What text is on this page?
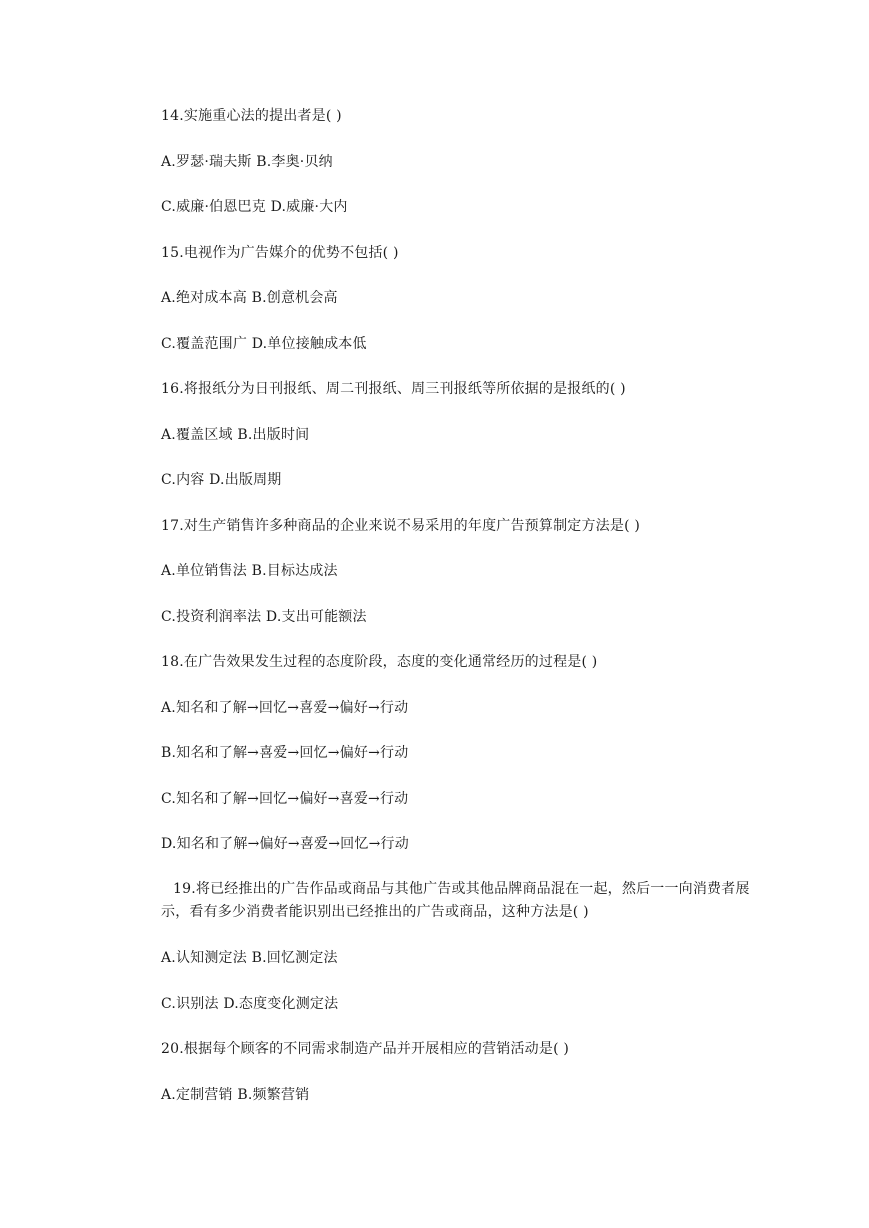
14.实施重心法的提出者是( )
A.罗瑟·瑞夫斯 B.李奥·贝纳
C.威廉·伯恩巴克 D.威廉·大内
15.电视作为广告媒介的优势不包括( )
A.绝对成本高 B.创意机会高
C.覆盖范围广 D.单位接触成本低
16.将报纸分为日刊报纸、周二刊报纸、周三刊报纸等所依据的是报纸的( )
A.覆盖区域 B.出版时间
C.内容 D.出版周期
17.对生产销售许多种商品的企业来说不易采用的年度广告预算制定方法是( )
A.单位销售法 B.目标达成法
C.投资利润率法 D.支出可能额法
18.在广告效果发生过程的态度阶段，态度的变化通常经历的过程是( )
A.知名和了解→回忆→喜爱→偏好→行动
B.知名和了解→喜爱→回忆→偏好→行动
C.知名和了解→回忆→偏好→喜爱→行动
D.知名和了解→偏好→喜爱→回忆→行动
19.将已经推出的广告作品或商品与其他广告或其他品牌商品混在一起，然后一一向消费者展示，看有多少消费者能识别出已经推出的广告或商品，这种方法是( )
A.认知测定法 B.回忆测定法
C.识别法 D.态度变化测定法
20.根据每个顾客的不同需求制造产品并开展相应的营销活动是( )
A.定制营销 B.频繁营销
